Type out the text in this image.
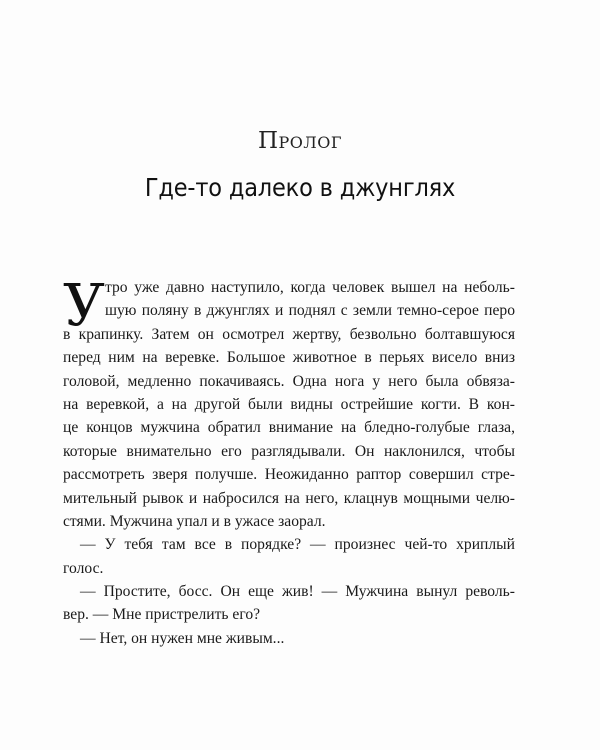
Пролог
Где-то далеко в джунглях
У тро уже давно наступило, когда человек вышел на неболь-
шую поляну в джунглях и поднял с земли темно-серое перо
в крапинку. Затем он осмотрел жертву, безвольно болтавшуюся
перед ним на веревке. Большое животное в перьях висело вниз
головой, медленно покачиваясь. Одна нога у него была обвяза-
на веревкой, а на другой были видны острейшие когти. В кон-
це концов мужчина обратил внимание на бледно-голубые глаза,
которые внимательно его разглядывали. Он наклонился, чтобы
рассмотреть зверя получше. Неожиданно раптор совершил стре-
мительный рывок и набросился на него, клацнув мощными челю-
стями. Мужчина упал и в ужасе заорал.
— У тебя там все в порядке? — произнес чей-то хриплый
голос.
— Простите, босс. Он еще жив! — Мужчина вынул револь-
вер. — Мне пристрелить его?
— Нет, он нужен мне живым...
